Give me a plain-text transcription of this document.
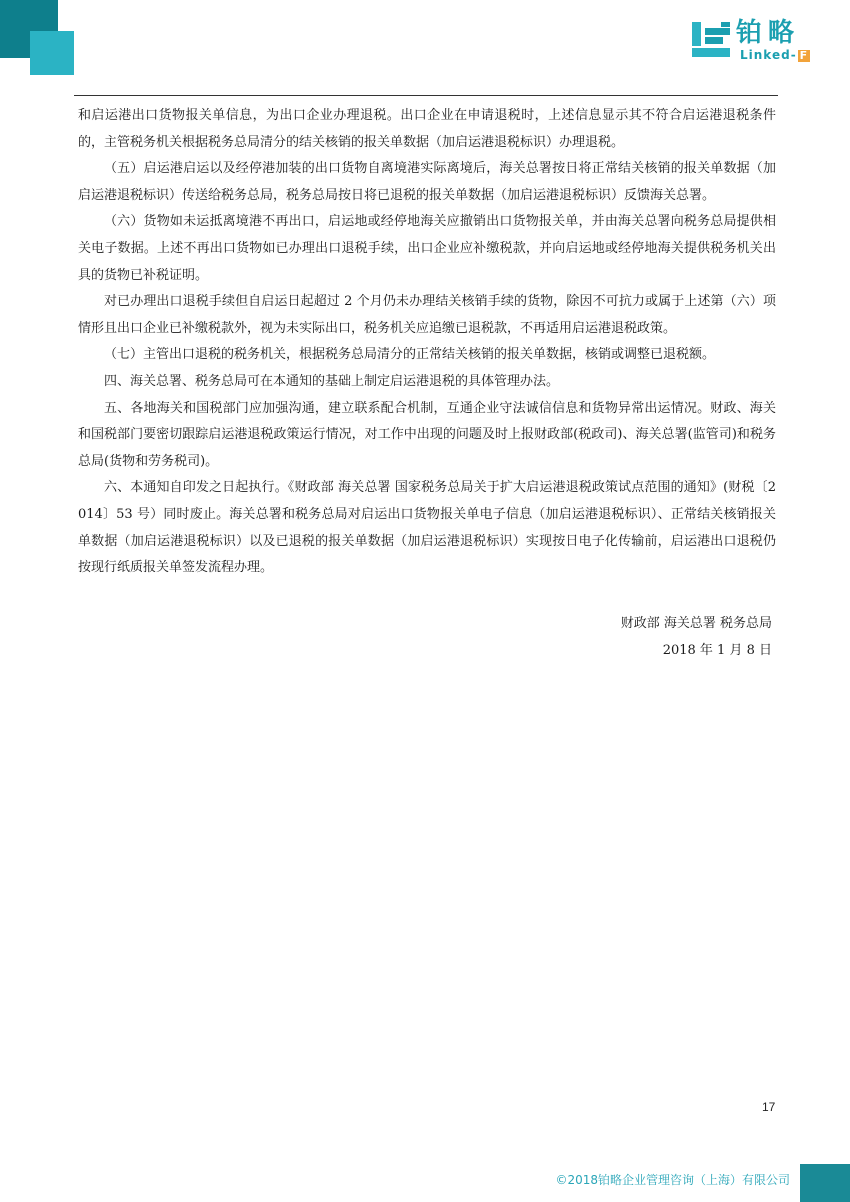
铂略
Linked- F

和启运港出口货物报关单信息，为出口企业办理退税。出口企业在申请退税时，上述信息显示其不符合启运港退税条件的，主管税务机关根据税务总局清分的结关核销的报关单数据（加启运港退税标识）办理退税。

（五）启运港启运以及经停港加装的出口货物自离境港实际离境后，海关总署按日将正常结关核销的报关单数据（加启运港退税标识）传送给税务总局，税务总局按日将已退税的报关单数据（加启运港退税标识）反馈海关总署。

（六）货物如未运抵离境港不再出口，启运地或经停地海关应撤销出口货物报关单，并由海关总署向税务总局提供相关电子数据。上述不再出口货物如已办理出口退税手续，出口企业应补缴税款，并向启运地或经停地海关提供税务机关出具的货物已补税证明。

对已办理出口退税手续但自启运日起超过 2 个月仍未办理结关核销手续的货物，除因不可抗力或属于上述第（六）项情形且出口企业已补缴税款外，视为未实际出口，税务机关应追缴已退税款，不再适用启运港退税政策。

（七）主管出口退税的税务机关，根据税务总局清分的正常结关核销的报关单数据，核销或调整已退税额。

四、海关总署、税务总局可在本通知的基础上制定启运港退税的具体管理办法。

五、各地海关和国税部门应加强沟通，建立联系配合机制，互通企业守法诚信信息和货物异常出运情况。财政、海关和国税部门要密切跟踪启运港退税政策运行情况，对工作中出现的问题及时上报财政部(税政司)、海关总署(监管司)和税务总局(货物和劳务税司)。

六、本通知自印发之日起执行。《财政部 海关总署 国家税务总局关于扩大启运港退税政策试点范围的通知》(财税〔2014〕53 号）同时废止。海关总署和税务总局对启运出口货物报关单电子信息（加启运港退税标识）、正常结关核销报关单数据（加启运港退税标识）以及已退税的报关单数据（加启运港退税标识）实现按日电子化传输前，启运港出口退税仍按现行纸质报关单签发流程办理。

财政部 海关总署 税务总局
2018 年 1 月 8 日
17
©2018铂略企业管理咨询（上海）有限公司
